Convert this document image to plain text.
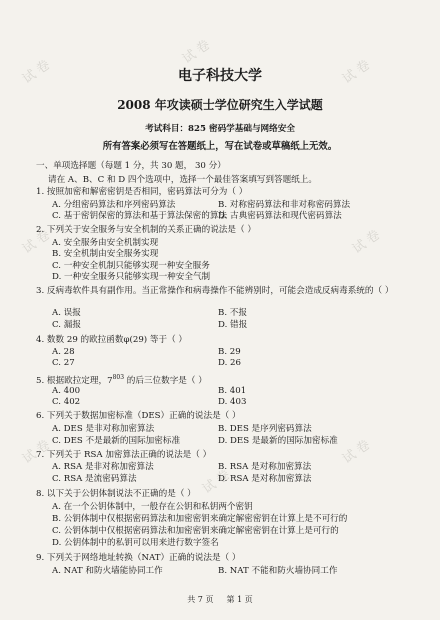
试卷
试卷
试卷
试卷	试卷
试卷
试卷
试卷
电子科技大学
2008 年攻读硕士学位研究生入学试题
考试科目：825 密码学基础与网络安全
所有答案必须写在答题纸上，写在试卷或草稿纸上无效。
一、单项选择题（每题 1 分，共 30 题， 30 分）
请在 A、B、C 和 D 四个选项中，选择一个最佳答案填写到答题纸上。
1. 按照加密和解密密钥是否相同，密码算法可分为（ ）
A. 分组密码算法和序列密码算法	B. 对称密码算法和非对称密码算法
C. 基于密钥保密的算法和基于算法保密的算法
D. 古典密码算法和现代密码算法
2. 下列关于安全服务与安全机制的关系正确的说法是（ ）
A. 安全服务由安全机制实现
B. 安全机制由安全服务实现
C. 一种安全机制只能够实现一种安全服务
D. 一种安全服务只能够实现一种安全气制
3. 反病毒软件具有副作用。当正常操作和病毒操作不能辨别时，可能会造成反病毒系统的（ ）
A. 误报	B. 不报
C. 漏报	D. 错报
4. 数数 29 的欧拉函数φ(29) 等于（ ）
A. 28	B. 29
C. 27	D. 26
5. 根据欧拉定理，$7^{803}$ 的后三位数字是（ ）
A. 400	B. 401
C. 402	D. 403
6. 下列关于数据加密标准（DES）正确的说法是（ ）
A. DES 是非对称加密算法	B. DES 是序列密码算法
C. DES 不是最新的国际加密标准	D. DES 是最新的国际加密标准
7. 下列关于 RSA 加密算法正确的说法是（ ）
A. RSA 是非对称加密算法	B. RSA 是对称加密算法
C. RSA 是流密码算法	D. RSA 是对称加密算法
8. 以下关于公钥体制说法不正确的是（ ）
A. 在一个公钥体制中，一般存在公钥和私钥两个密钥
B. 公钥体制中仅根据密码算法和加密密钥来确定解密密钥在计算上是不可行的
C. 公钥体制中仅根据密码算法和加密密钥来确定解密密钥在计算上是可行的
D. 公钥体制中的私钥可以用来进行数字签名
9. 下列关于网络地址转换（NAT）正确的说法是（ ）
A. NAT 和防火墙能协同工作	B. NAT 不能和防火墙协同工作
共 7 页 第 1 页
